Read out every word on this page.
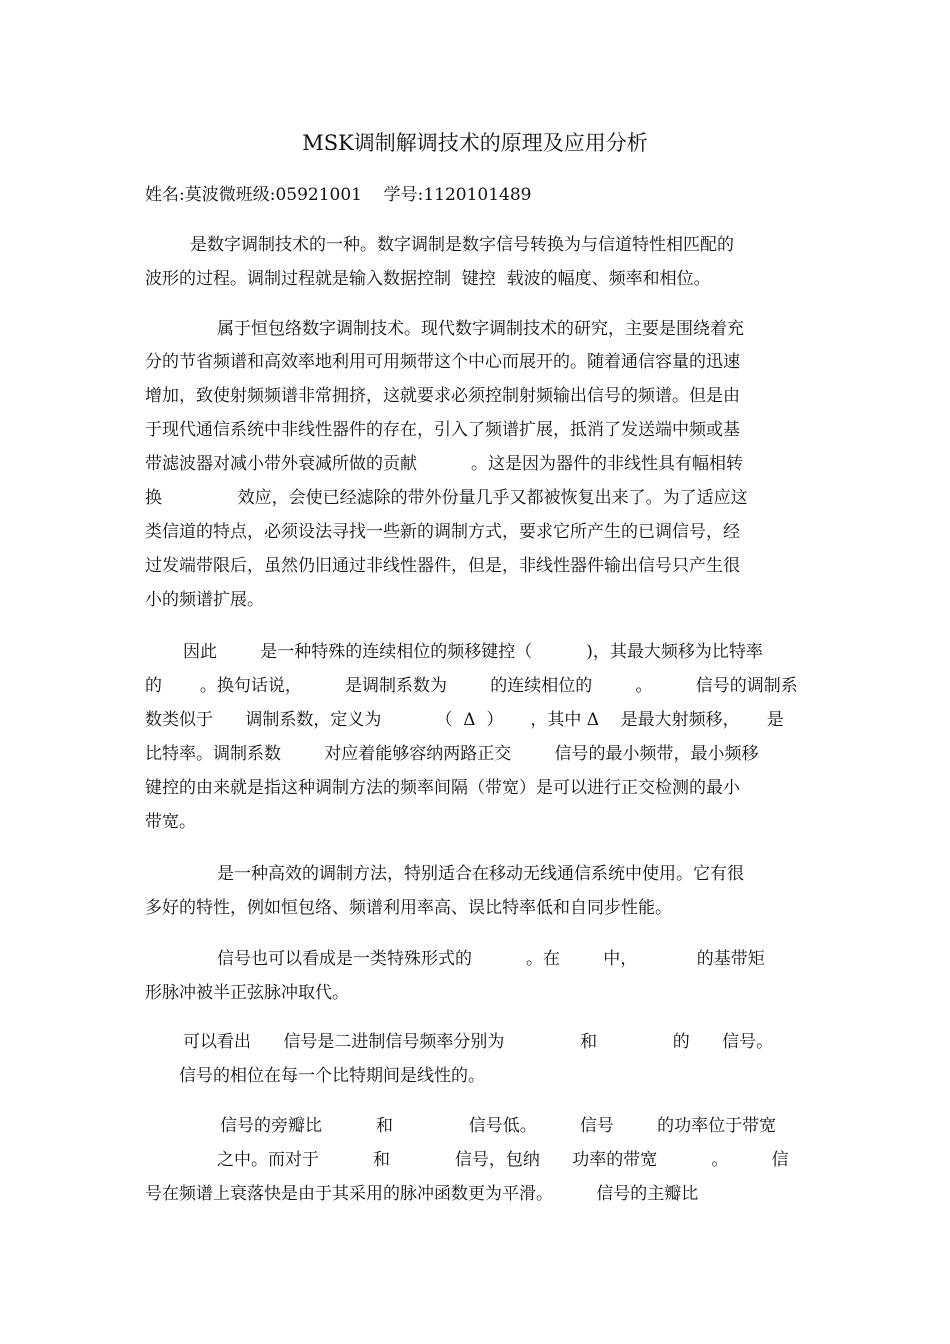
MSK调制解调技术的原理及应用分析
姓名:莫波微班级:05921001    学号:1120101489
是数字调制技术的一种。数字调制是数字信号转换为与信道特性相匹配的
波形的过程。调制过程就是输入数据控制  键控  载波的幅度、频率和相位。
属于恒包络数字调制技术。现代数字调制技术的研究，主要是围绕着充
分的节省频谱和高效率地利用可用频带这个中心而展开的。随着通信容量的迅速
增加，致使射频频谱非常拥挤，这就要求必须控制射频输出信号的频谱。但是由
于现代通信系统中非线性器件的存在，引入了频谱扩展，抵消了发送端中频或基
带滤波器对减小带外衰减所做的贡献          。这是因为器件的非线性具有幅相转
换              效应，会使已经滤除的带外份量几乎又都被恢复出来了。为了适应这
类信道的特点，必须设法寻找一些新的调制方式，要求它所产生的已调信号，经
过发端带限后，虽然仍旧通过非线性器件，但是，非线性器件输出信号只产生很
小的频谱扩展。
因此        是一种特殊的连续相位的频移键控（          )，其最大频移为比特率
的       。换句话说，        是调制系数为        的连续相位的        。        信号的调制系
数类似于      调制系数，定义为          （  Δ  ）     ，其中 Δ    是最大射频移，     是
比特率。调制系数        对应着能够容纳两路正交        信号的最小频带，最小频移
键控的由来就是指这种调制方法的频率间隔（带宽）是可以进行正交检测的最小
带宽。
是一种高效的调制方法，特别适合在移动无线通信系统中使用。它有很
多好的特性，例如恒包络、频谱利用率高、误比特率低和自同步性能。
信号也可以看成是一类特殊形式的          。在        中，           的基带矩
形脉冲被半正弦脉冲取代。
可以看出      信号是二进制信号频率分别为              和              的      信号。
信号的相位在每一个比特期间是线性的。
信号的旁瓣比          和              信号低。        信号        的功率位于带宽
之中。而对于          和            信号，包纳      功率的带宽          。        信
号在频谱上衰落快是由于其采用的脉冲函数更为平滑。        信号的主瓣比
